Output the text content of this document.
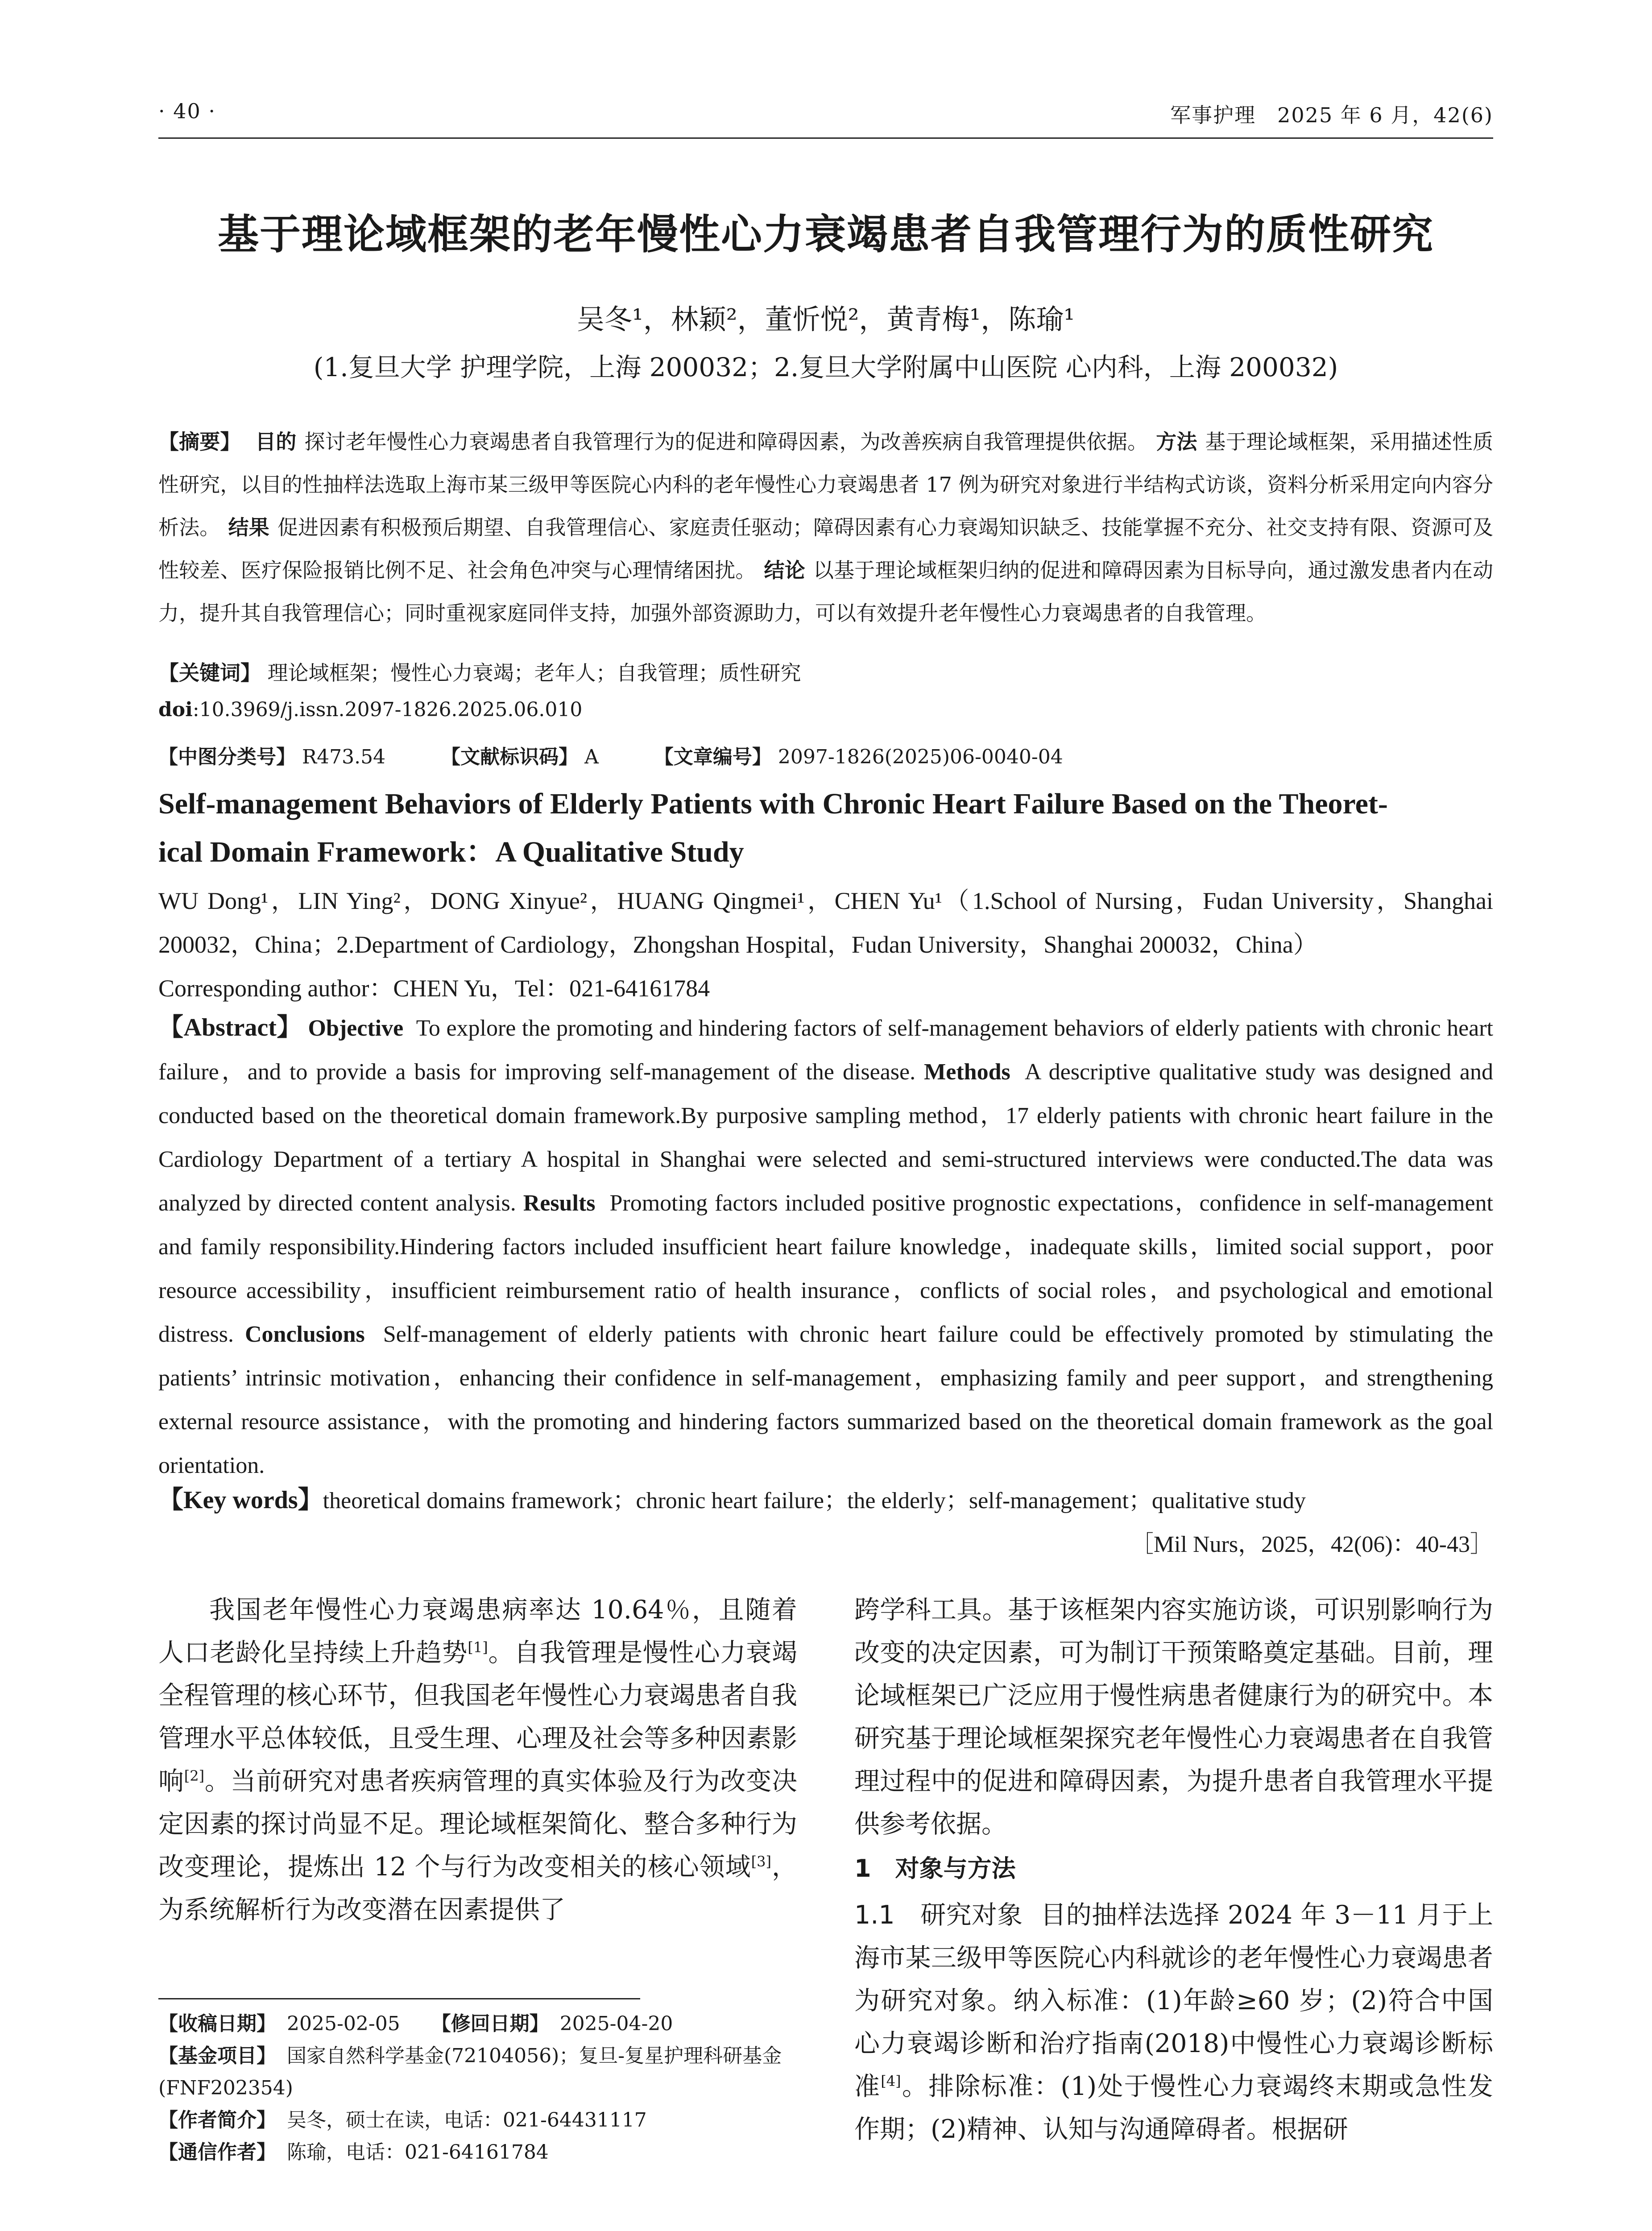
· 40 ·	军事护理　2025 年 6 月，42(6)
基于理论域框架的老年慢性心力衰竭患者自我管理行为的质性研究
吴冬¹，林颖²，董忻悦²，黄青梅¹，陈瑜¹
(1.复旦大学 护理学院，上海 200032；2.复旦大学附属中山医院 心内科，上海 200032)
【摘要】 目的 探讨老年慢性心力衰竭患者自我管理行为的促进和障碍因素，为改善疾病自我管理提供依据。 方法 基于理论域框架，采用描述性质性研究，以目的性抽样法选取上海市某三级甲等医院心内科的老年慢性心力衰竭患者 17 例为研究对象进行半结构式访谈，资料分析采用定向内容分析法。 结果 促进因素有积极预后期望、自我管理信心、家庭责任驱动；障碍因素有心力衰竭知识缺乏、技能掌握不充分、社交支持有限、资源可及性较差、医疗保险报销比例不足、社会角色冲突与心理情绪困扰。 结论 以基于理论域框架归纳的促进和障碍因素为目标导向，通过激发患者内在动力，提升其自我管理信心；同时重视家庭同伴支持，加强外部资源助力，可以有效提升老年慢性心力衰竭患者的自我管理。
【关键词】 理论域框架；慢性心力衰竭；老年人；自我管理；质性研究
doi:10.3969/j.issn.2097-1826.2025.06.010
【中图分类号】 R473.54	【文献标识码】 A	【文章编号】 2097-1826(2025)06-0040-04
Self-management Behaviors of Elderly Patients with Chronic Heart Failure Based on the Theoret-
ical Domain Framework：A Qualitative Study
WU Dong¹，LIN Ying²，DONG Xinyue²，HUANG Qingmei¹，CHEN Yu¹（1.School of Nursing，Fudan University，Shanghai 200032，China；2.Department of Cardiology，Zhongshan Hospital，Fudan University，Shanghai 200032，China）
Corresponding author：CHEN Yu，Tel：021-64161784
【Abstract】 Objective To explore the promoting and hindering factors of self-management behaviors of elderly patients with chronic heart failure，and to provide a basis for improving self-management of the disease. Methods A descriptive qualitative study was designed and conducted based on the theoretical domain framework.By purposive sampling method，17 elderly patients with chronic heart failure in the Cardiology Department of a tertiary A hospital in Shanghai were selected and semi-structured interviews were conducted.The data was analyzed by directed content analysis. Results Promoting factors included positive prognostic expectations，confidence in self-management and family responsibility.Hindering factors included insufficient heart failure knowledge，inadequate skills，limited social support，poor resource accessibility，insufficient reimbursement ratio of health insurance，conflicts of social roles，and psychological and emotional distress. Conclusions Self-management of elderly patients with chronic heart failure could be effectively promoted by stimulating the patients’ intrinsic motivation，enhancing their confidence in self-management，emphasizing family and peer support，and strengthening external resource assistance，with the promoting and hindering factors summarized based on the theoretical domain framework as the goal orientation.
【Key words】theoretical domains framework；chronic heart failure；the elderly；self-management；qualitative study
［Mil Nurs，2025，42(06)：40-43］
我国老年慢性心力衰竭患病率达 10.64％，且随着人口老龄化呈持续上升趋势[1]。自我管理是慢性心力衰竭全程管理的核心环节，但我国老年慢性心力衰竭患者自我管理水平总体较低，且受生理、心理及社会等多种因素影响[2]。当前研究对患者疾病管理的真实体验及行为改变决定因素的探讨尚显不足。理论域框架简化、整合多种行为改变理论，提炼出 12 个与行为改变相关的核心领域[3]，为系统解析行为改变潜在因素提供了
跨学科工具。基于该框架内容实施访谈，可识别影响行为改变的决定因素，可为制订干预策略奠定基础。目前，理论域框架已广泛应用于慢性病患者健康行为的研究中。本研究基于理论域框架探究老年慢性心力衰竭患者在自我管理过程中的促进和障碍因素，为提升患者自我管理水平提供参考依据。
1　对象与方法
1.1　研究对象 目的抽样法选择 2024 年 3－11 月于上海市某三级甲等医院心内科就诊的老年慢性心力衰竭患者为研究对象。纳入标准：(1)年龄≥60 岁；(2)符合中国心力衰竭诊断和治疗指南(2018)中慢性心力衰竭诊断标准[4]。排除标准：(1)处于慢性心力衰竭终末期或急性发作期；(2)精神、认知与沟通障碍者。根据研
【收稿日期】 2025-02-05 【修回日期】 2025-04-20
【基金项目】 国家自然科学基金(72104056)；复旦-复星护理科研基金(FNF202354)
【作者简介】 吴冬，硕士在读，电话：021-64431117
【通信作者】 陈瑜，电话：021-64161784
